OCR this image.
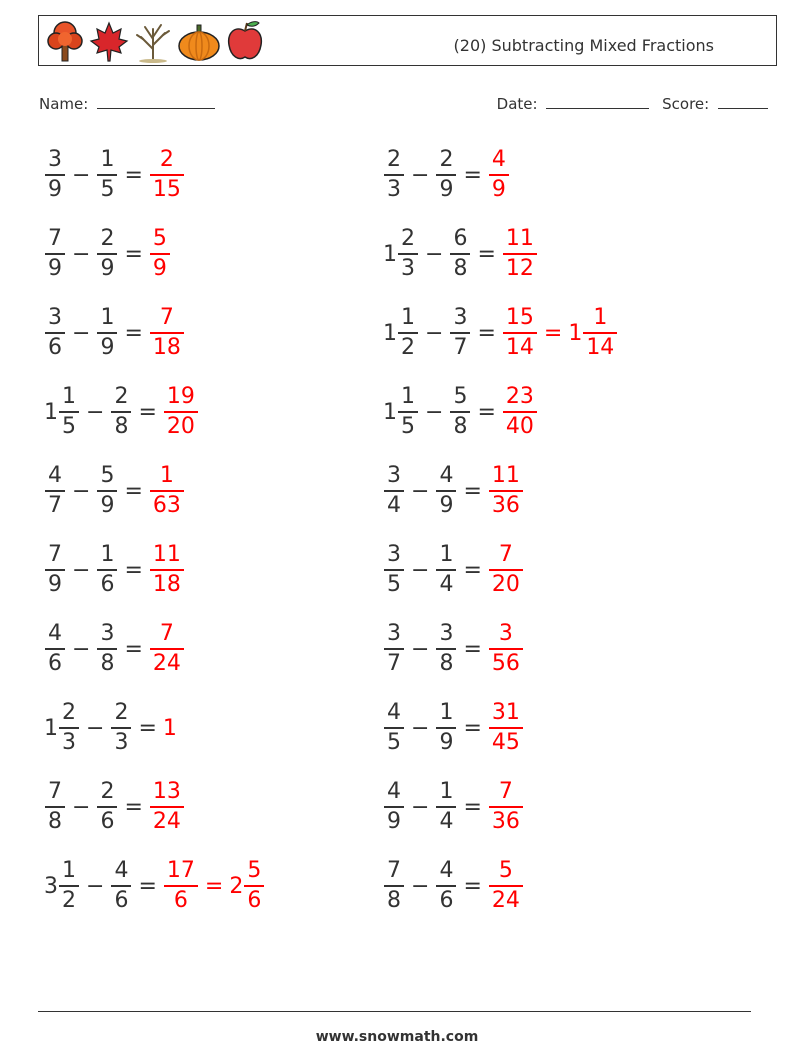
(20) Subtracting Mixed Fractions
Name:	Date:	Score:
$\frac{3}{9} - \frac{1}{5} = \frac{2}{15}$	$\frac{2}{3} - \frac{2}{9} = \frac{4}{9}$
$\frac{7}{9} - \frac{2}{9} = \frac{5}{9}$	$1 \frac{2}{3} - \frac{6}{8} = \frac{11}{12}$
$\frac{3}{6} - \frac{1}{9} = \frac{7}{18}$	$1 \frac{1}{2} - \frac{3}{7} = \frac{15}{14} = 1 \frac{1}{14}$
$1 \frac{1}{5} - \frac{2}{8} = \frac{19}{20}$	$1 \frac{1}{5} - \frac{5}{8} = \frac{23}{40}$
$\frac{4}{7} - \frac{5}{9} = \frac{1}{63}$	$\frac{3}{4} - \frac{4}{9} = \frac{11}{36}$
$\frac{7}{9} - \frac{1}{6} = \frac{11}{18}$	$\frac{3}{5} - \frac{1}{4} = \frac{7}{20}$
$\frac{4}{6} - \frac{3}{8} = \frac{7}{24}$	$\frac{3}{7} - \frac{3}{8} = \frac{3}{56}$
$1 \frac{2}{3} - \frac{2}{3} = 1$	$\frac{4}{5} - \frac{1}{9} = \frac{31}{45}$
$\frac{7}{8} - \frac{2}{6} = \frac{13}{24}$	$\frac{4}{9} - \frac{1}{4} = \frac{7}{36}$
$3 \frac{1}{2} - \frac{4}{6} = \frac{17}{6} = 2 \frac{5}{6}$	$\frac{7}{8} - \frac{4}{6} = \frac{5}{24}$
www.snowmath.com
